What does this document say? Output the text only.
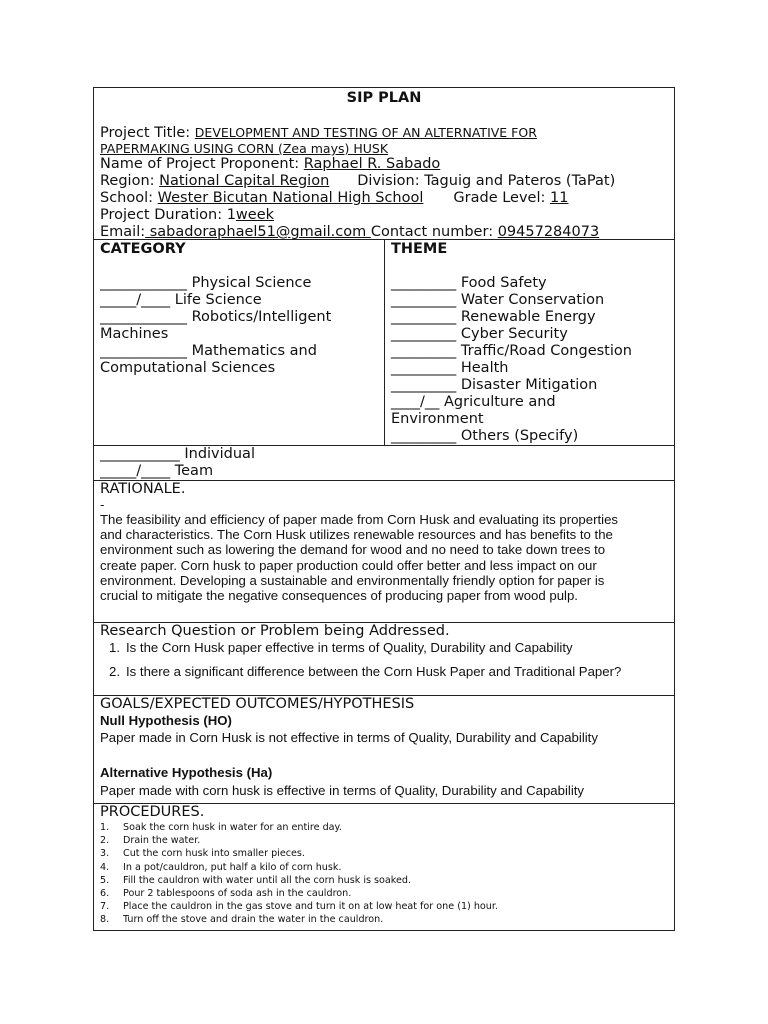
SIP PLAN
Project Title: DEVELOPMENT AND TESTING OF AN ALTERNATIVE FOR
PAPERMAKING USING CORN (Zea mays) HUSK
Name of Project Proponent: Raphael R. Sabado
Region: National Capital Region Division: Taguig and Pateros (TaPat)
School: Wester Bicutan National High School Grade Level: 11
Project Duration: 1week
Email: sabadoraphael51@gmail.com Contact number: 09457284073
CATEGORY
____________ Physical Science
_____/____ Life Science
____________ Robotics/Intelligent
Machines
____________ Mathematics and
Computational Sciences
THEME
_________ Food Safety
_________ Water Conservation
_________ Renewable Energy
_________ Cyber Security
_________ Traffic/Road Congestion
_________ Health
_________ Disaster Mitigation
____/__ Agriculture and
Environment
_________ Others (Specify)
___________ Individual
_____/____ Team
RATIONALE.
-
The feasibility and efficiency of paper made from Corn Husk and evaluating its properties
and characteristics. The Corn Husk utilizes renewable resources and has benefits to the
environment such as lowering the demand for wood and no need to take down trees to
create paper. Corn husk to paper production could offer better and less impact on our
environment. Developing a sustainable and environmentally friendly option for paper is
crucial to mitigate the negative consequences of producing paper from wood pulp.
Research Question or Problem being Addressed.
1. Is the Corn Husk paper effective in terms of Quality, Durability and Capability
2. Is there a significant difference between the Corn Husk Paper and Traditional Paper?
GOALS/EXPECTED OUTCOMES/HYPOTHESIS
Null Hypothesis (HO)
Paper made in Corn Husk is not effective in terms of Quality, Durability and Capability
Alternative Hypothesis (Ha)
Paper made with corn husk is effective in terms of Quality, Durability and Capability
PROCEDURES.
1.	Soak the corn husk in water for an entire day.
2.	Drain the water.
3.	Cut the corn husk into smaller pieces.
4.	In a pot/cauldron, put half a kilo of corn husk.
5.	Fill the cauldron with water until all the corn husk is soaked.
6.	Pour 2 tablespoons of soda ash in the cauldron.
7.	Place the cauldron in the gas stove and turn it on at low heat for one (1) hour.
8.	Turn off the stove and drain the water in the cauldron.
